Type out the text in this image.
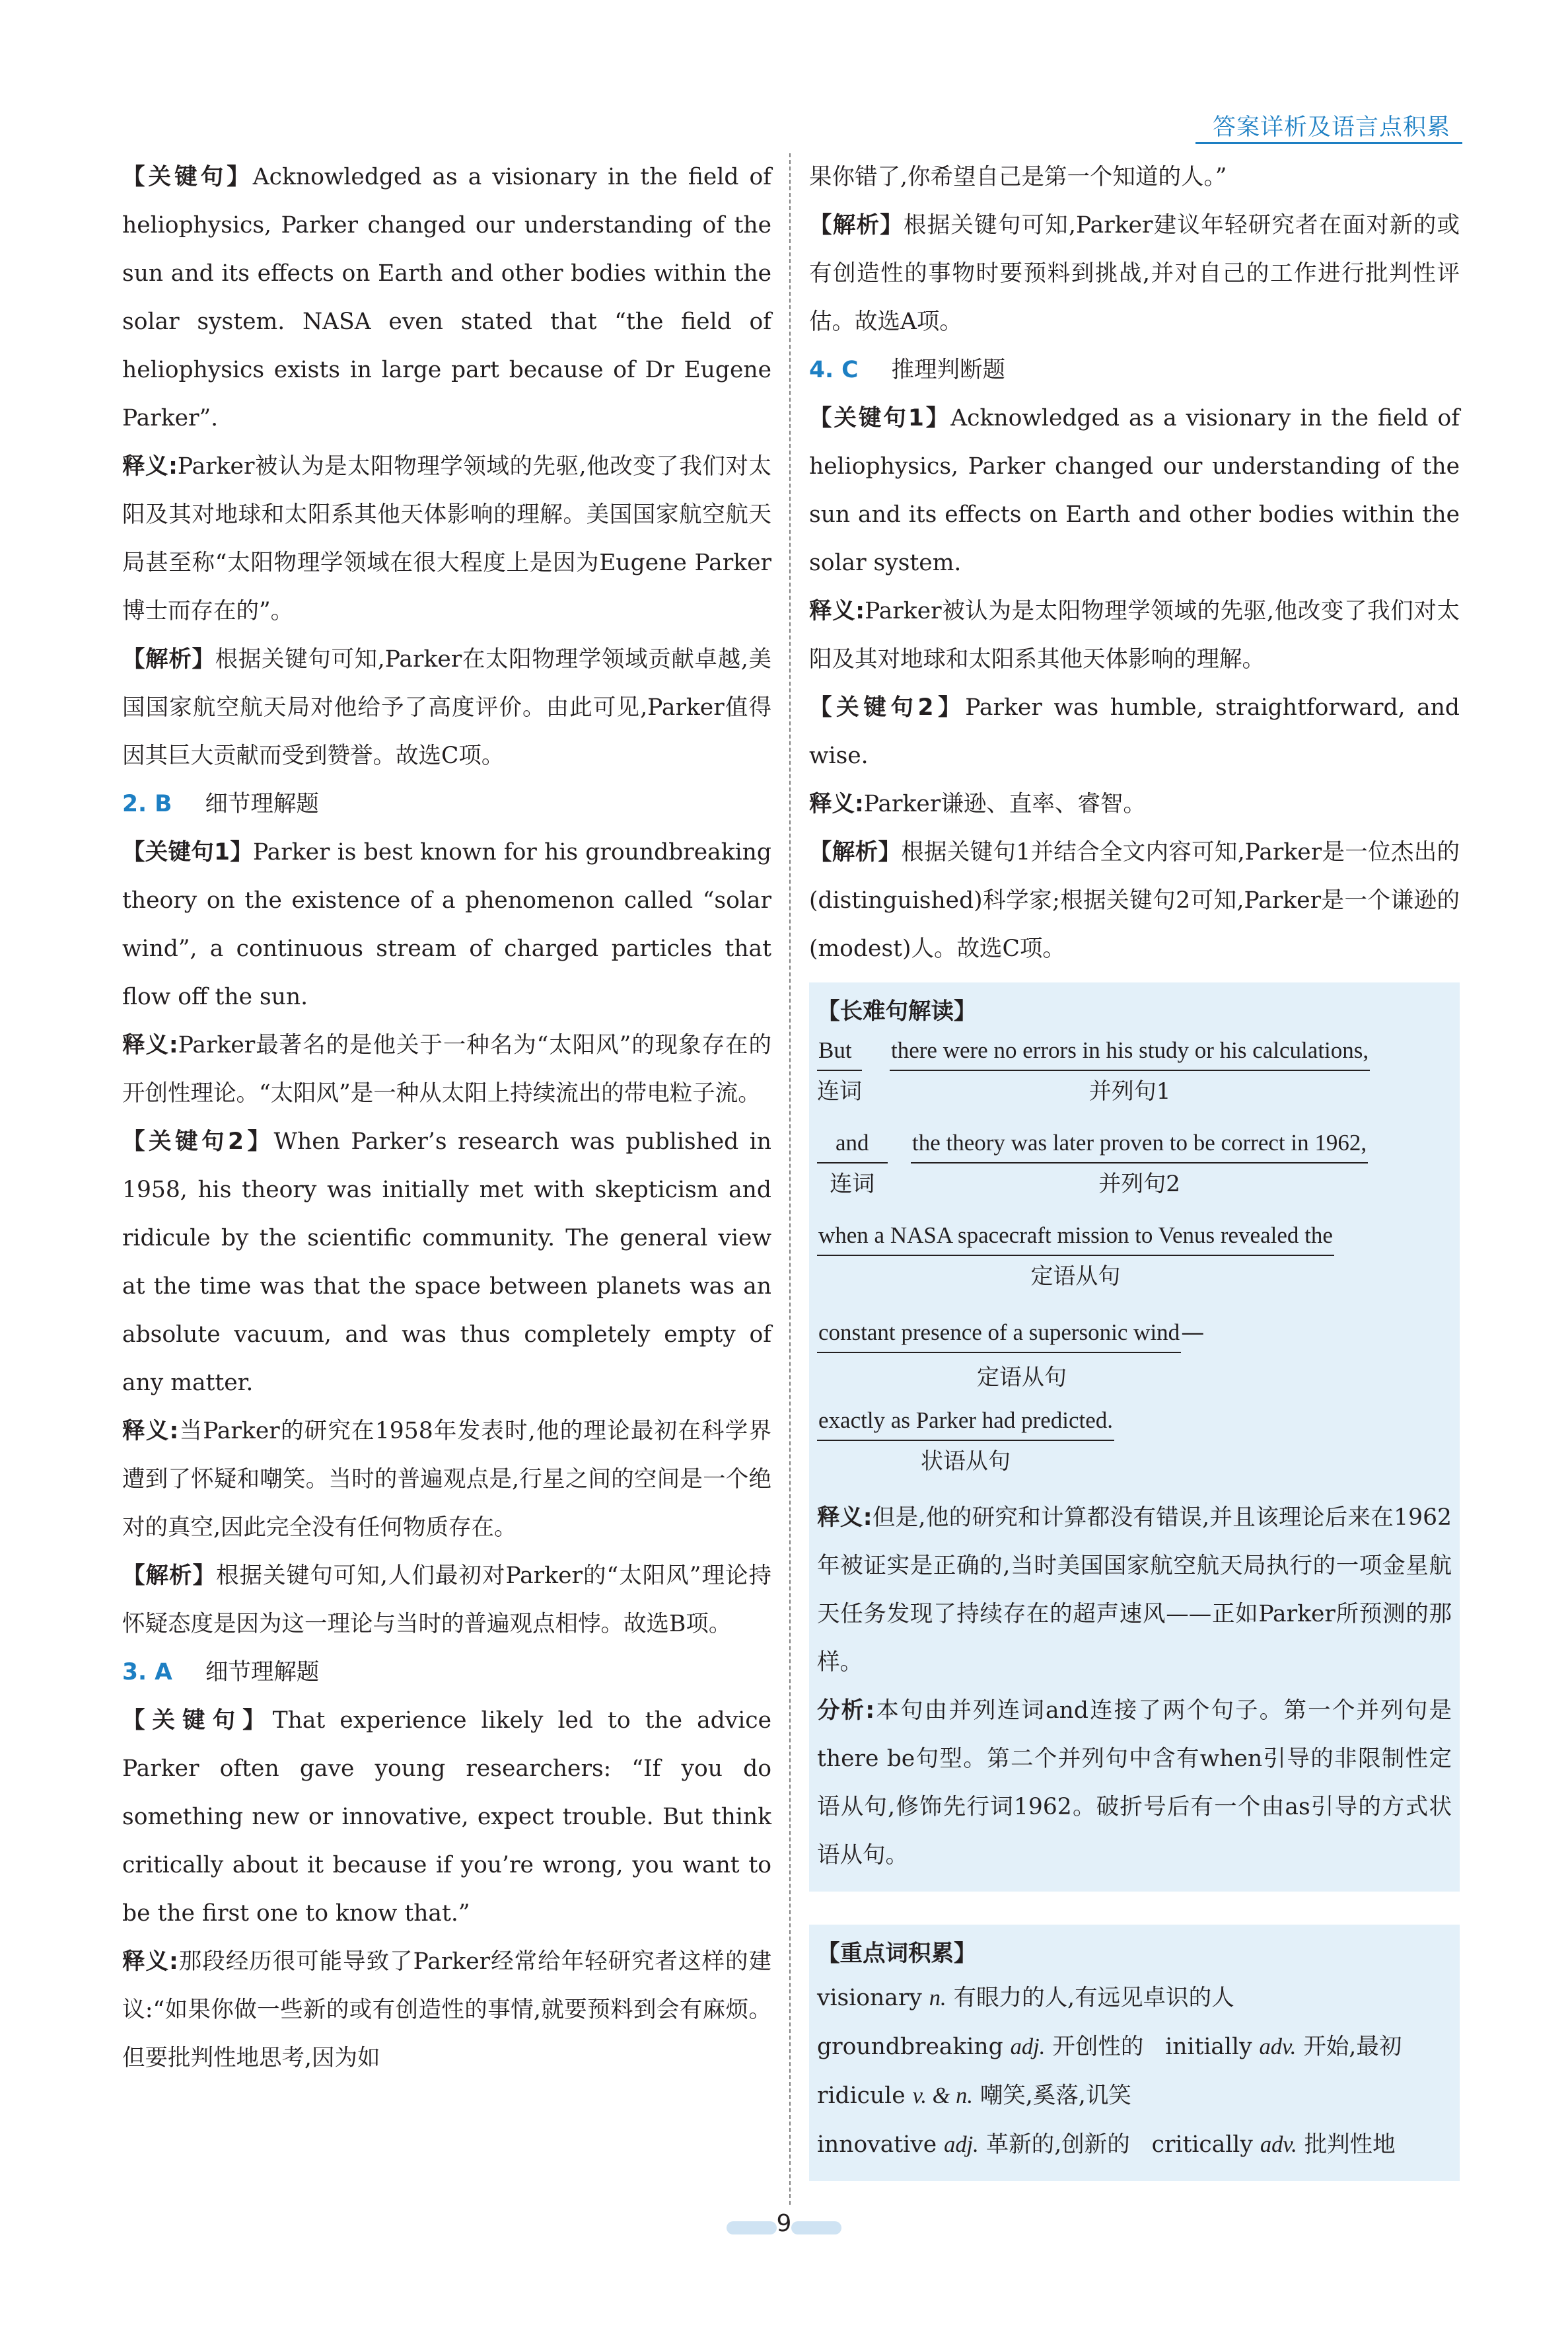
答案详析及语言点积累

【关键句】Acknowledged as a visionary in the field of heliophysics, Parker changed our understanding of the sun and its effects on Earth and other bodies within the solar system. NASA even stated that “the field of heliophysics exists in large part because of Dr Eugene Parker”.

释义:Parker被认为是太阳物理学领域的先驱,他改变了我们对太阳及其对地球和太阳系其他天体影响的理解。美国国家航空航天局甚至称“太阳物理学领域在很大程度上是因为Eugene Parker博士而存在的”。

【解析】根据关键句可知,Parker在太阳物理学领域贡献卓越,美国国家航空航天局对他给予了高度评价。由此可见,Parker值得因其巨大贡献而受到赞誉。故选C项。

2. B 细节理解题

【关键句1】Parker is best known for his groundbreaking theory on the existence of a phenomenon called “solar wind”, a continuous stream of charged particles that flow off the sun.

释义:Parker最著名的是他关于一种名为“太阳风”的现象存在的开创性理论。“太阳风”是一种从太阳上持续流出的带电粒子流。

【关键句2】When Parker’s research was published in 1958, his theory was initially met with skepticism and ridicule by the scientific community. The general view at the time was that the space between planets was an absolute vacuum, and was thus completely empty of any matter.

释义:当Parker的研究在1958年发表时,他的理论最初在科学界遭到了怀疑和嘲笑。当时的普遍观点是,行星之间的空间是一个绝对的真空,因此完全没有任何物质存在。

【解析】根据关键句可知,人们最初对Parker的“太阳风”理论持怀疑态度是因为这一理论与当时的普遍观点相悖。故选B项。

3. A 细节理解题

【关键句】That experience likely led to the advice Parker often gave young researchers: “If you do something new or innovative, expect trouble. But think critically about it because if you’re wrong, you want to be the first one to know that.”

释义:那段经历很可能导致了Parker经常给年轻研究者这样的建议:“如果你做一些新的或有创造性的事情,就要预料到会有麻烦。但要批判性地思考,因为如

果你错了,你希望自己是第一个知道的人。”

【解析】根据关键句可知,Parker建议年轻研究者在面对新的或有创造性的事物时要预料到挑战,并对自己的工作进行批判性评估。故选A项。

4. C 推理判断题

【关键句1】Acknowledged as a visionary in the field of heliophysics, Parker changed our understanding of the sun and its effects on Earth and other bodies within the solar system.

释义:Parker被认为是太阳物理学领域的先驱,他改变了我们对太阳及其对地球和太阳系其他天体影响的理解。

【关键句2】Parker was humble, straightforward, and wise.

释义:Parker谦逊、直率、睿智。

【解析】根据关键句1并结合全文内容可知,Parker是一位杰出的(distinguished)科学家;根据关键句2可知,Parker是一个谦逊的(modest)人。故选C项。

【长难句解读】
But
连词
there were no errors in his study or his calculations,
并列句1
and
连词
the theory was later proven to be correct in 1962,
并列句2
when a NASA spacecraft mission to Venus revealed the
定语从句
constant presence of a supersonic wind—
定语从句
exactly as Parker had predicted.
状语从句

释义:但是,他的研究和计算都没有错误,并且该理论后来在1962年被证实是正确的,当时美国国家航空航天局执行的一项金星航天任务发现了持续存在的超声速风——正如Parker所预测的那样。

分析:本句由并列连词and连接了两个句子。第一个并列句是there be句型。第二个并列句中含有when引导的非限制性定语从句,修饰先行词1962。破折号后有一个由as引导的方式状语从句。

【重点词积累】

visionary n. 有眼力的人,有远见卓识的人

groundbreaking adj. 开创性的 initially adv. 开始,最初

ridicule v. & n. 嘲笑,奚落,讥笑

innovative adj. 革新的,创新的 critically adv. 批判性地

9
